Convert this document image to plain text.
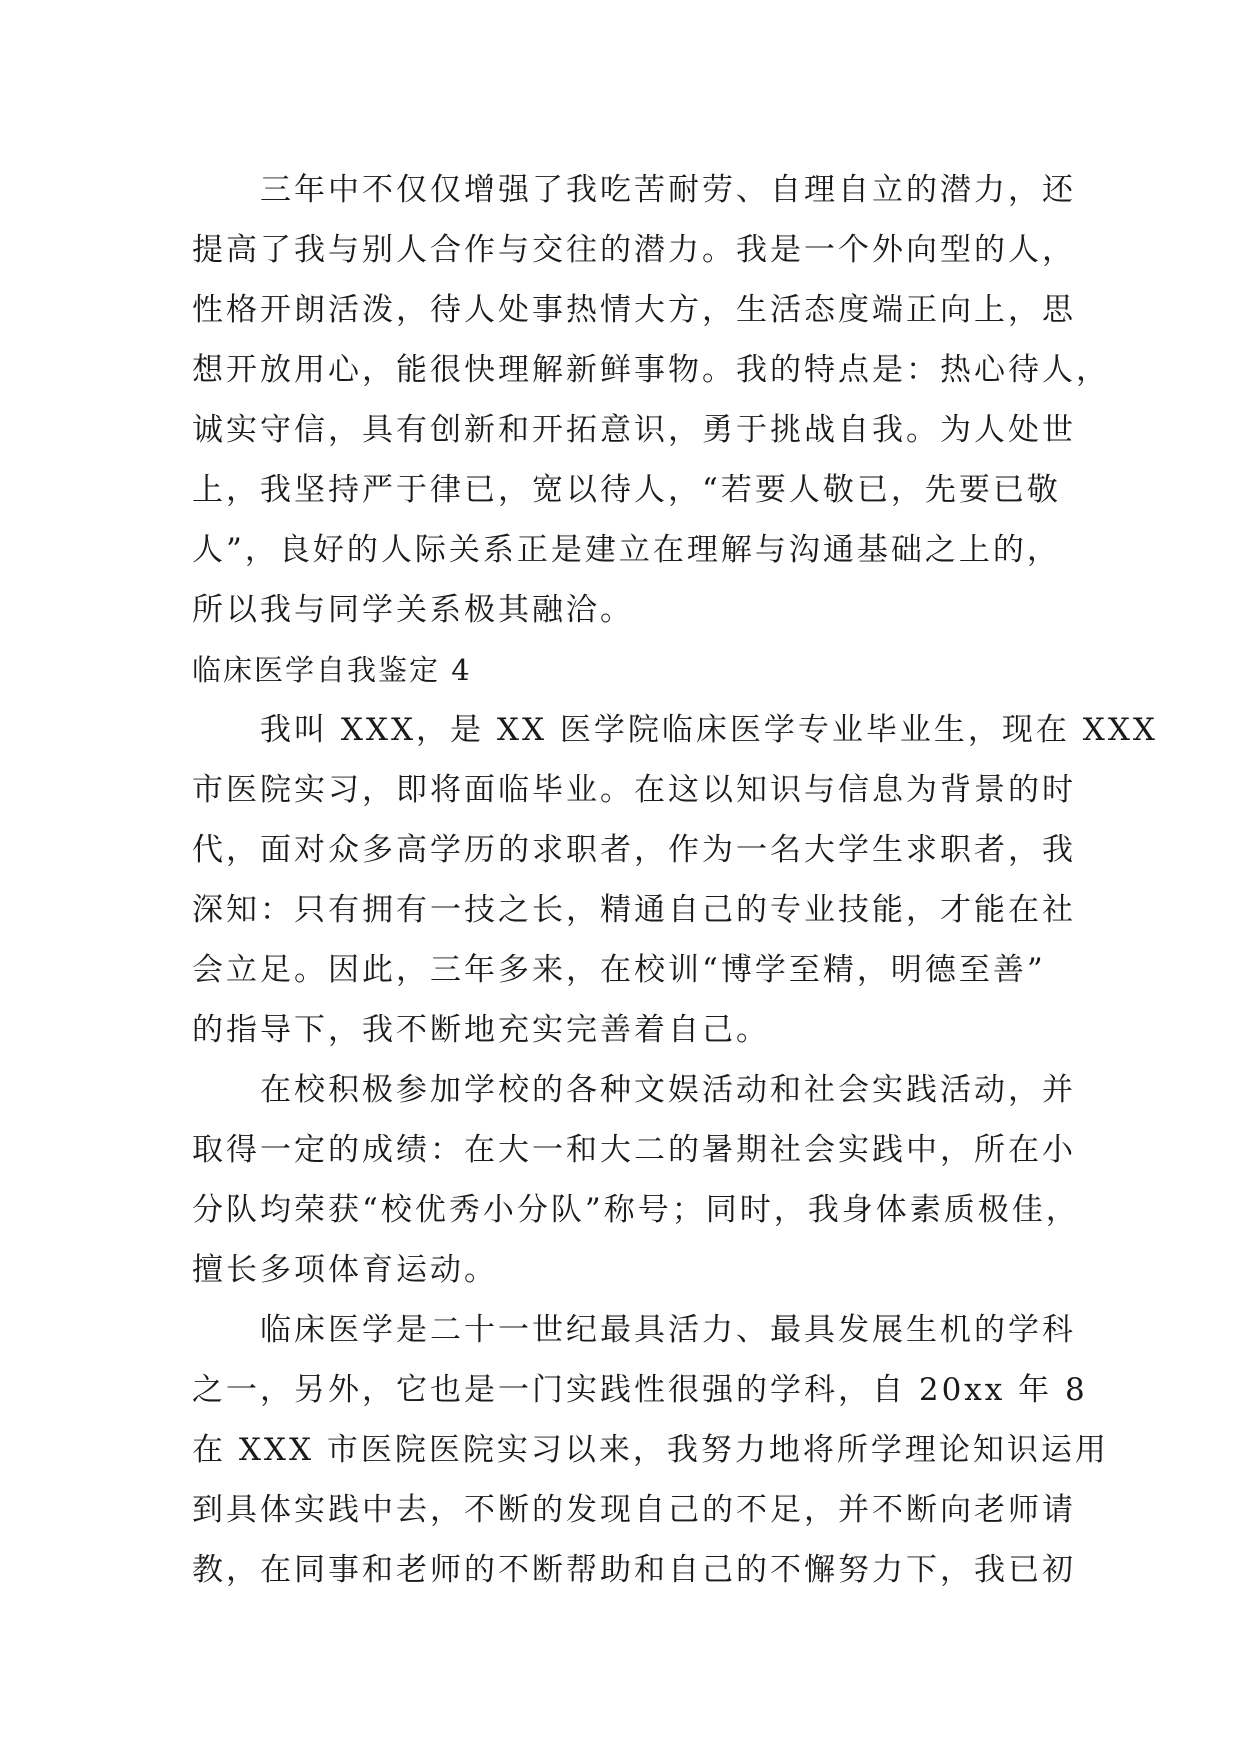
三年中不仅仅增强了我吃苦耐劳、自理自立的潜力，还
提高了我与别人合作与交往的潜力。我是一个外向型的人，
性格开朗活泼，待人处事热情大方，生活态度端正向上，思
想开放用心，能很快理解新鲜事物。我的特点是：热心待人，
诚实守信，具有创新和开拓意识，勇于挑战自我。为人处世
上，我坚持严于律已，宽以待人，“若要人敬已，先要已敬
人”，良好的人际关系正是建立在理解与沟通基础之上的，
所以我与同学关系极其融洽。
临床医学自我鉴定 4
我叫 XXX，是 XX 医学院临床医学专业毕业生，现在 XXX
市医院实习，即将面临毕业。在这以知识与信息为背景的时
代，面对众多高学历的求职者，作为一名大学生求职者，我
深知：只有拥有一技之长，精通自己的专业技能，才能在社
会立足。因此，三年多来，在校训“博学至精，明德至善”
的指导下，我不断地充实完善着自己。
在校积极参加学校的各种文娱活动和社会实践活动，并
取得一定的成绩：在大一和大二的暑期社会实践中，所在小
分队均荣获“校优秀小分队”称号；同时，我身体素质极佳，
擅长多项体育运动。
临床医学是二十一世纪最具活力、最具发展生机的学科
之一，另外，它也是一门实践性很强的学科，自 20xx 年 8
在 XXX 市医院医院实习以来，我努力地将所学理论知识运用
到具体实践中去，不断的发现自己的不足，并不断向老师请
教，在同事和老师的不断帮助和自己的不懈努力下，我已初
